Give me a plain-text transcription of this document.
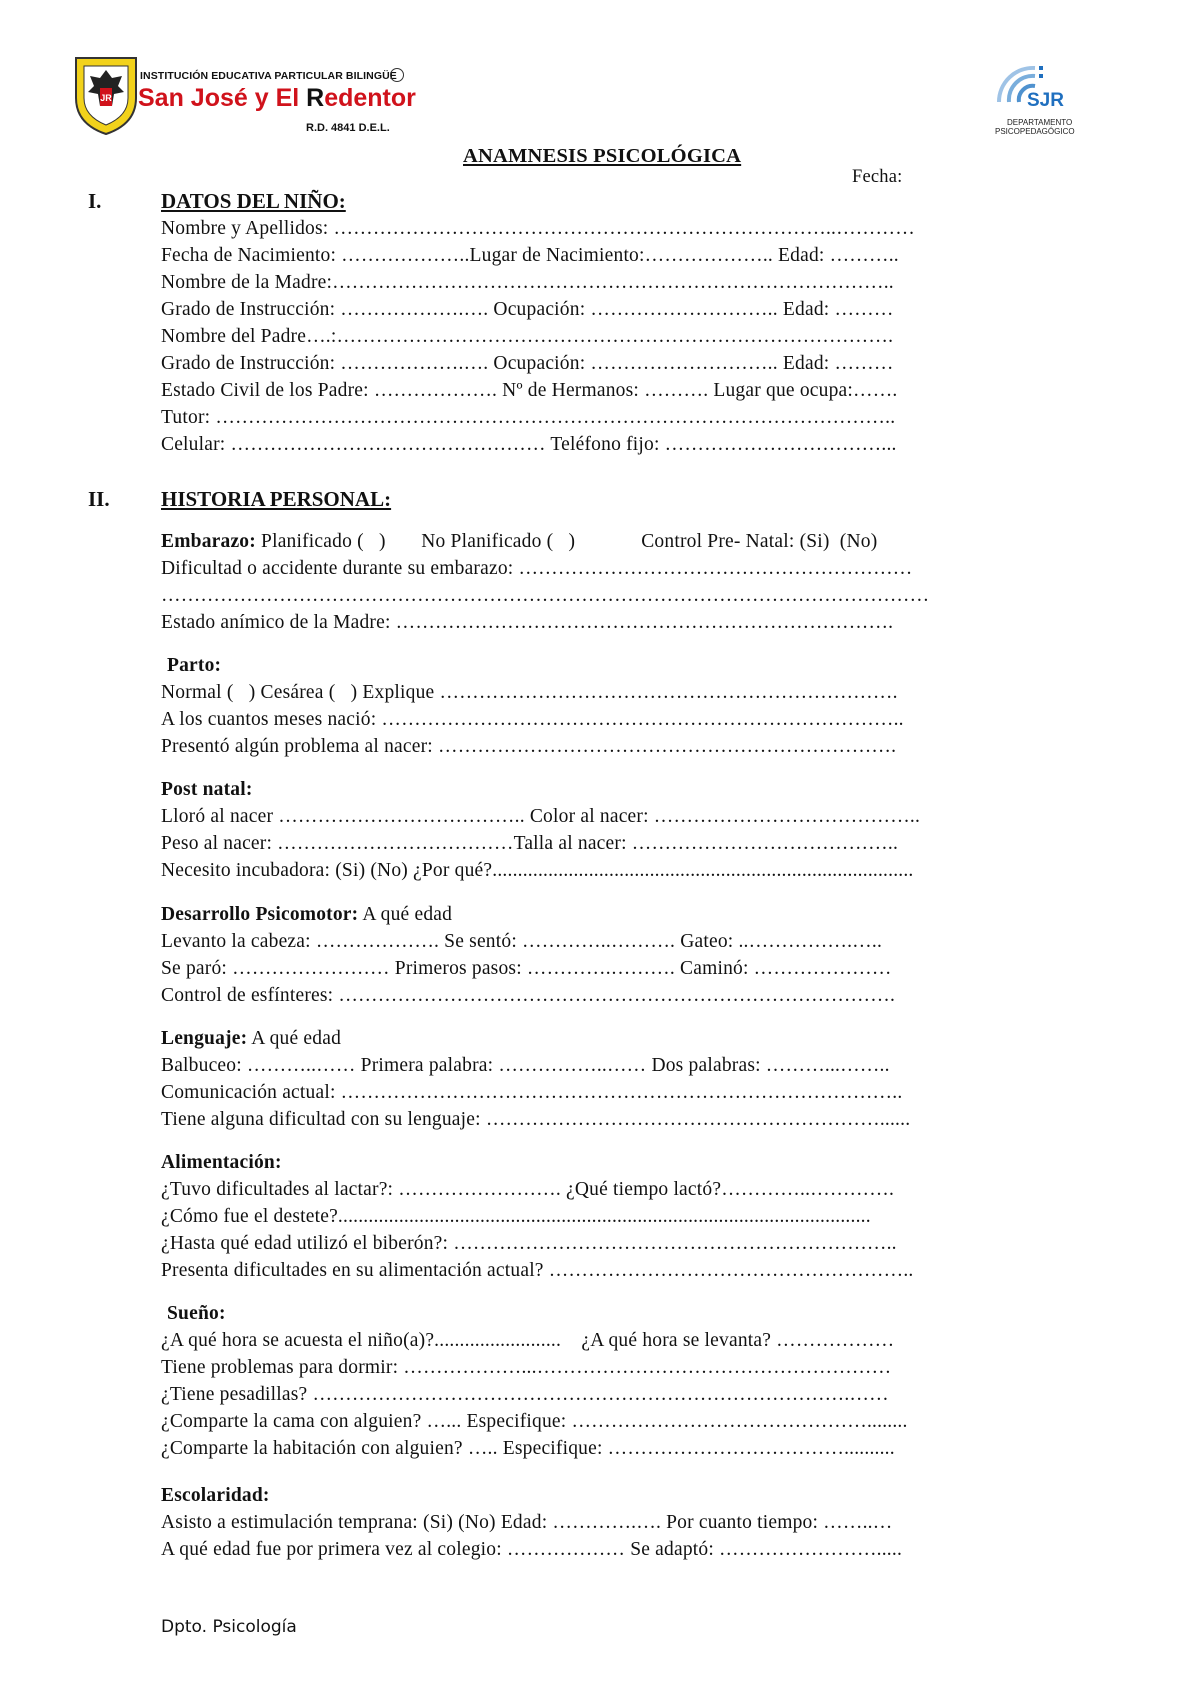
JR
INSTITUCIÓN EDUCATIVA PARTICULAR BILINGÜE
San José y El Redentor
R.D. 4841 D.E.L.
SJR
DEPARTAMENTO
PSICOPEDAGÓGICO
ANAMNESIS PSICOLÓGICA
Fecha:
I.	DATOS DEL NIÑO:
Nombre y Apellidos: …………………………………………………………………..…………
Fecha de Nacimiento: ………………..Lugar de Nacimiento:……………….. Edad: ………..
Nombre de la Madre:…………………………………………………………………………..
Grado de Instrucción: ……………….…. Ocupación: ……………………….. Edad: ………
Nombre del Padre….:………………………………………………………………………….
Grado de Instrucción: ……………….…. Ocupación: ……………………….. Edad: ………
Estado Civil de los Padre: ………………. Nº de Hermanos: ………. Lugar que ocupa:…….
Tutor: …………………………………………………………………………………………..
Celular: ………………………………………… Teléfono fijo: ……………………………...
II. HISTORIA PERSONAL:
Embarazo: Planificado (   )       No Planificado (   )             Control Pre- Natal: (Si)  (No)
Dificultad o accidente durante su embarazo: ……………………………………………………
………………………………………………………………………………………………………
Estado anímico de la Madre: ………………………………………………………………….
Parto:
Normal (   ) Cesárea (   ) Explique …………………………………………………………….
A los cuantos meses nació: ……………………………………………………………………..
Presentó algún problema al nacer: …………………………………………………………….
Post natal:
Lloró al nacer ……………………………….. Color al nacer: …………………………………..
Peso al nacer: ………………………………Talla al nacer: …………………………………..
Necesito incubadora: (Si) (No) ¿Por qué?...................................................................................
Desarrollo Psicomotor: A qué edad
Levanto la cabeza: ………………. Se sentó: …………..………. Gateo: ..…………….…..
Se paró: …………………… Primeros pasos: ………….………. Caminó: …………………
Control de esfínteres: ………………………………………………………………………….
Lenguaje: A qué edad
Balbuceo: ………..…… Primera palabra: ……………..…… Dos palabras: ………...……..
Comunicación actual: …………………………………………………………………………..
Tiene alguna dificultad con su lenguaje: ……………………………………………………......
Alimentación:
¿Tuvo dificultades al lactar?: ……………………. ¿Qué tiempo lactó?…………..………….
¿Cómo fue el destete?.........................................................................................................
¿Hasta qué edad utilizó el biberón?: …………………………………………………………..
Presenta dificultades en su alimentación actual? ………………………………………………..
Sueño:
¿A qué hora se acuesta el niño(a)?.........................    ¿A qué hora se levanta? ………………
Tiene problemas para dormir: ………………...………………………………………………
¿Tiene pesadillas? ……………………………………………………………………….……
¿Comparte la cama con alguien? …... Especifique: ………………………………………........
¿Comparte la habitación con alguien? ….. Especifique: ………………………………..........
Escolaridad:
Asisto a estimulación temprana: (Si) (No) Edad: ………….…. Por cuanto tiempo: ……..…
A qué edad fue por primera vez al colegio: ……………… Se adaptó: …………………….....
Dpto. Psicología
